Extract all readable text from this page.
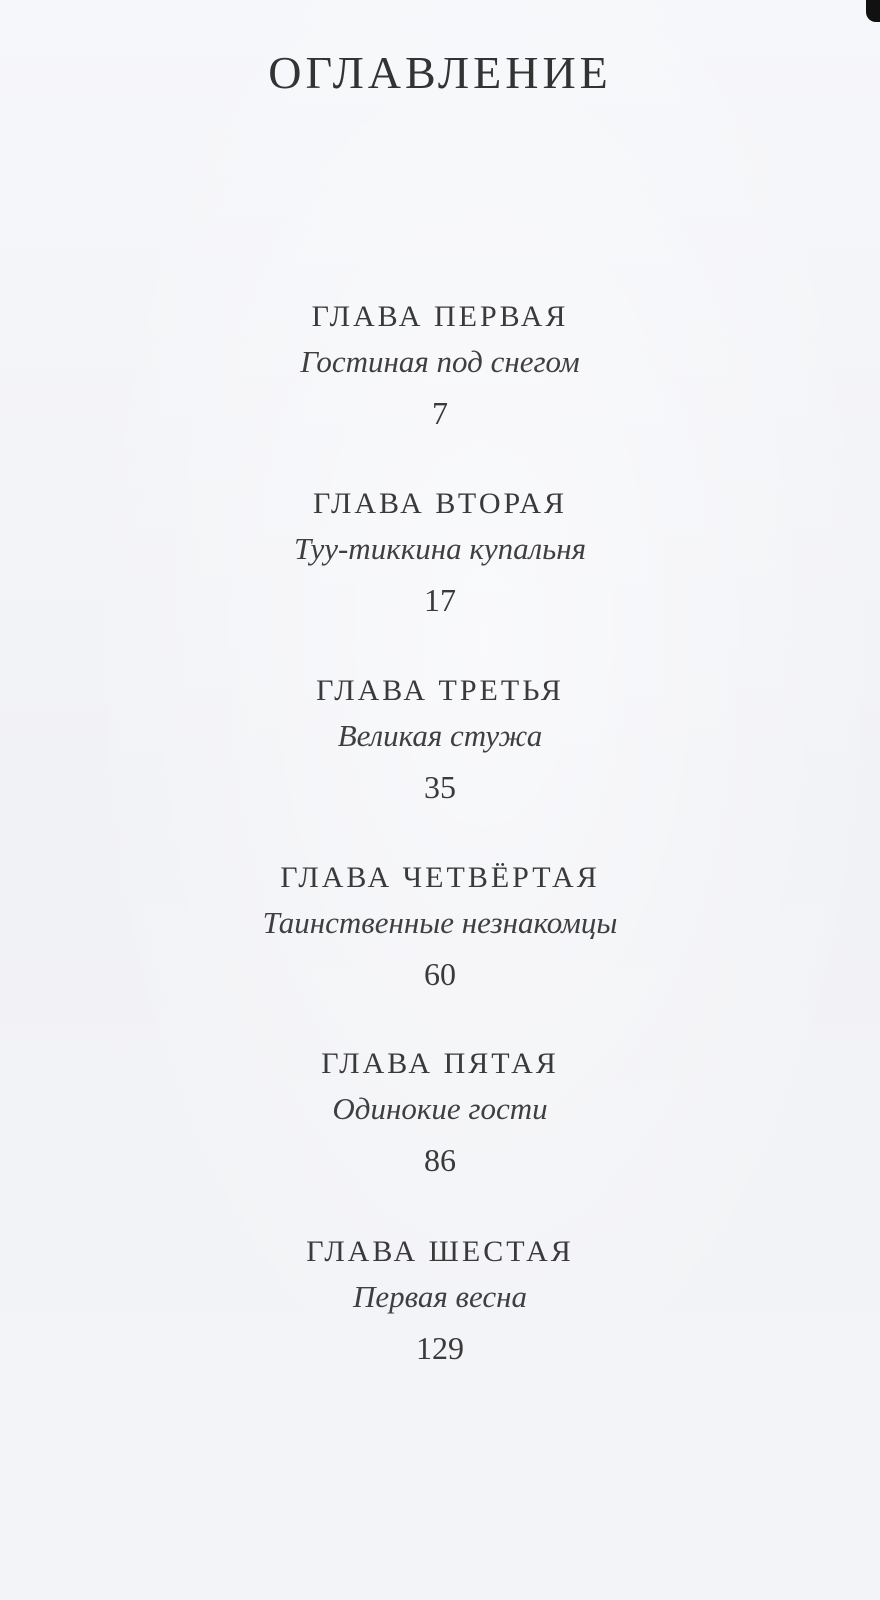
ОГЛАВЛЕНИЕ
ГЛАВА ПЕРВАЯ
Гостиная под снегом
7
ГЛАВА ВТОРАЯ
Туу-тиккина купальня
17
ГЛАВА ТРЕТЬЯ
Великая стужа
35
ГЛАВА ЧЕТВЁРТАЯ
Таинственные незнакомцы
60
ГЛАВА ПЯТАЯ
Одинокие гости
86
ГЛАВА ШЕСТАЯ
Первая весна
129
